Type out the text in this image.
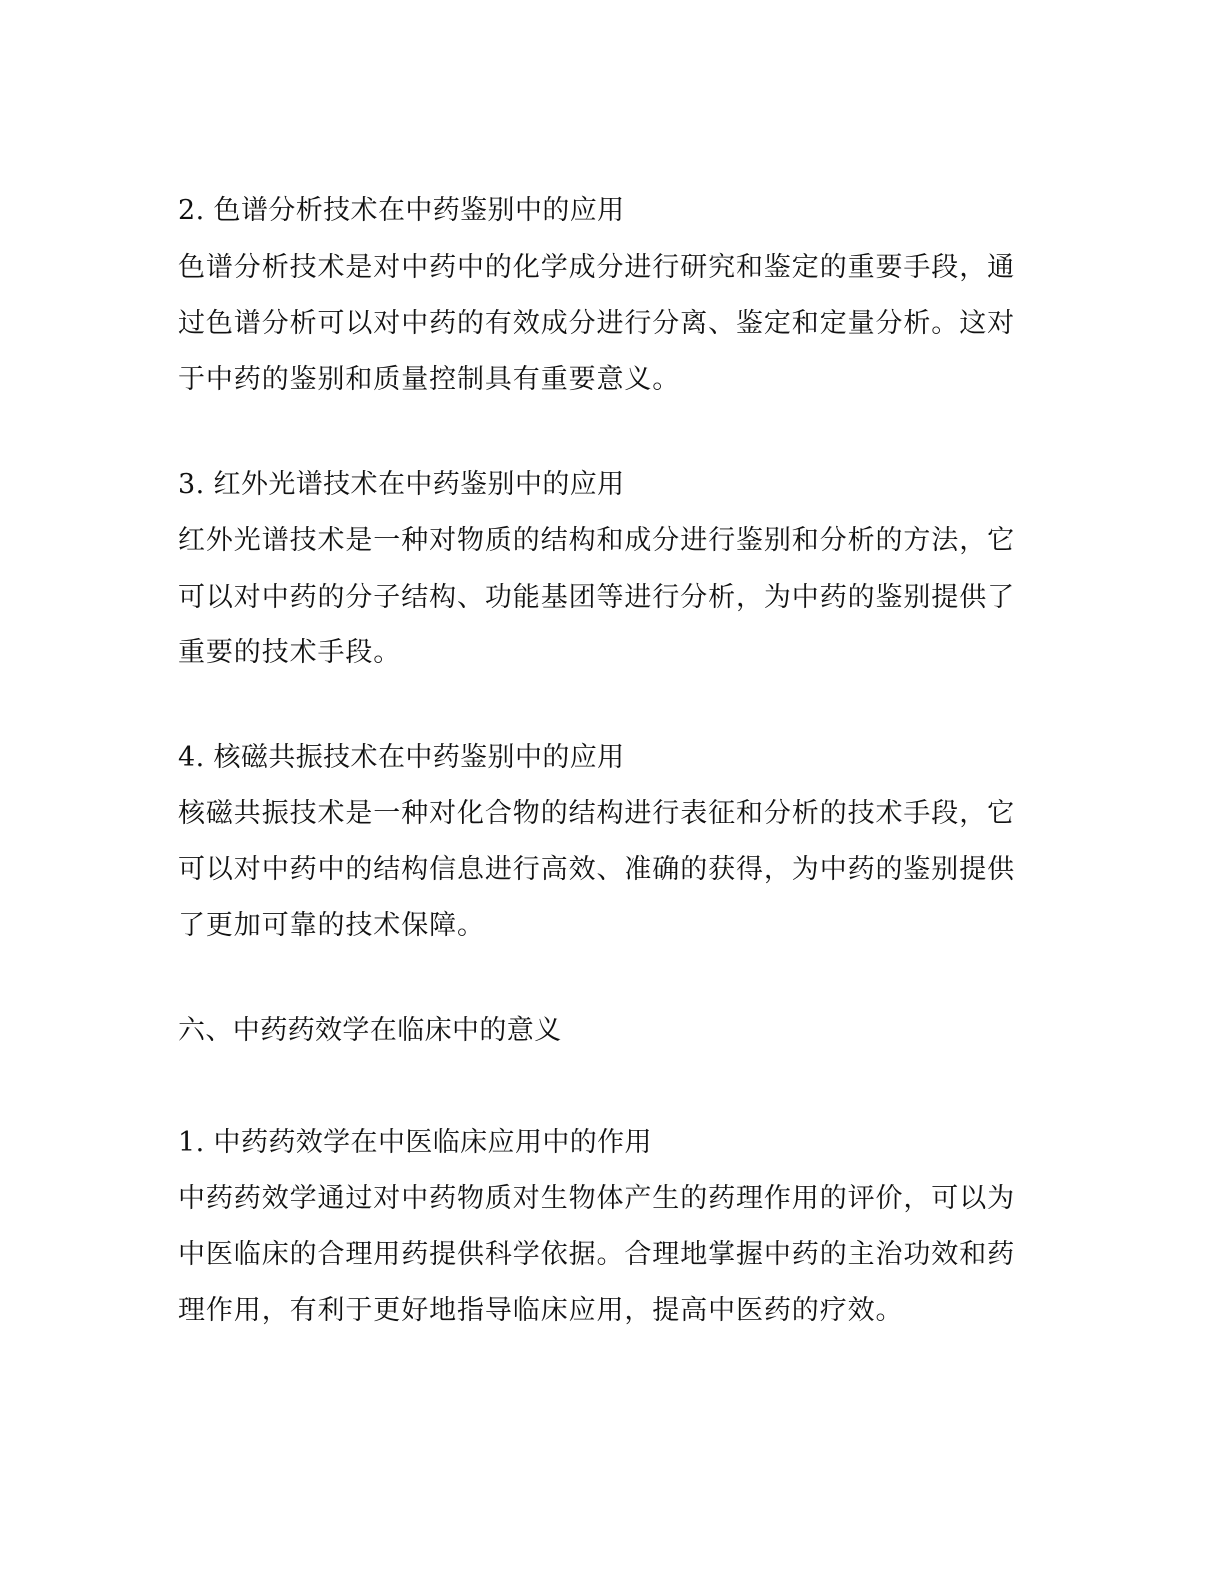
2. 色谱分析技术在中药鉴别中的应用
色谱分析技术是对中药中的化学成分进行研究和鉴定的重要手段，通
过色谱分析可以对中药的有效成分进行分离、鉴定和定量分析。这对
于中药的鉴别和质量控制具有重要意义。
3. 红外光谱技术在中药鉴别中的应用
红外光谱技术是一种对物质的结构和成分进行鉴别和分析的方法，它
可以对中药的分子结构、功能基团等进行分析，为中药的鉴别提供了
重要的技术手段。
4. 核磁共振技术在中药鉴别中的应用
核磁共振技术是一种对化合物的结构进行表征和分析的技术手段，它
可以对中药中的结构信息进行高效、准确的获得，为中药的鉴别提供
了更加可靠的技术保障。
六、中药药效学在临床中的意义
1. 中药药效学在中医临床应用中的作用
中药药效学通过对中药物质对生物体产生的药理作用的评价，可以为
中医临床的合理用药提供科学依据。合理地掌握中药的主治功效和药
理作用，有利于更好地指导临床应用，提高中医药的疗效。
